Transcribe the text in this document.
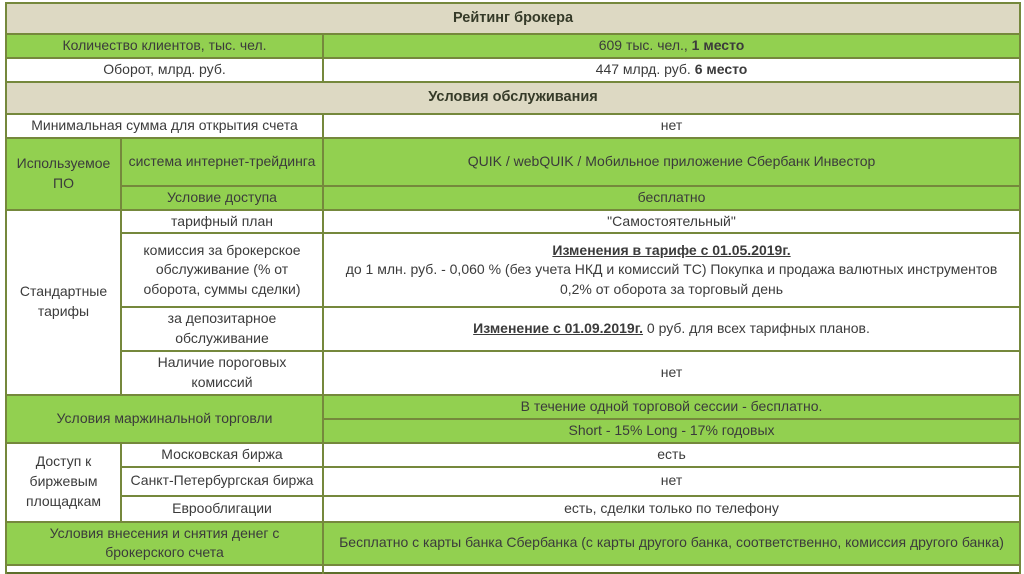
Рейтинг брокера		
Количество клиентов, тыс. чел.		609 тыс. чел., 1 место
Оборот, млрд. руб.		447 млрд. руб. 6 место
Условия обслуживания		
Минимальная сумма для открытия счета		нет
Используемое ПО	система интернет-трейдинга	QUIK / webQUIK / Мобильное приложение Сбербанк Инвестор
	Условие доступа	бесплатно
Стандартные тарифы	тарифный план	"Самостоятельный"
	комиссия за брокерское обслуживание (% от оборота, суммы сделки)	Изменения в тарифе с 01.05.2019г.
до 1 млн. руб. - 0,060 % (без учета НКД и комиссий ТС) Покупка и продажа валютных инструментов 0,2% от оборота за торговый день

	за депозитарное обслуживание	Изменение с 01.09.2019г. 0 руб. для всех тарифных планов.
	Наличие пороговых комиссий	нет
Условия маржинальной торговли		В течение одной торговой сессии - бесплатно.
		Short - 15% Long - 17% годовых
Доступ к биржевым площадкам	Московская биржа	есть
	Санкт-Петербургская биржа	нет
	Еврооблигации	есть, сделки только по телефону
Условия внесения и снятия денег с брокерского счета		Бесплатно с карты банка Сбербанка (с карты другого банка, соответственно, комиссия другого банка)
